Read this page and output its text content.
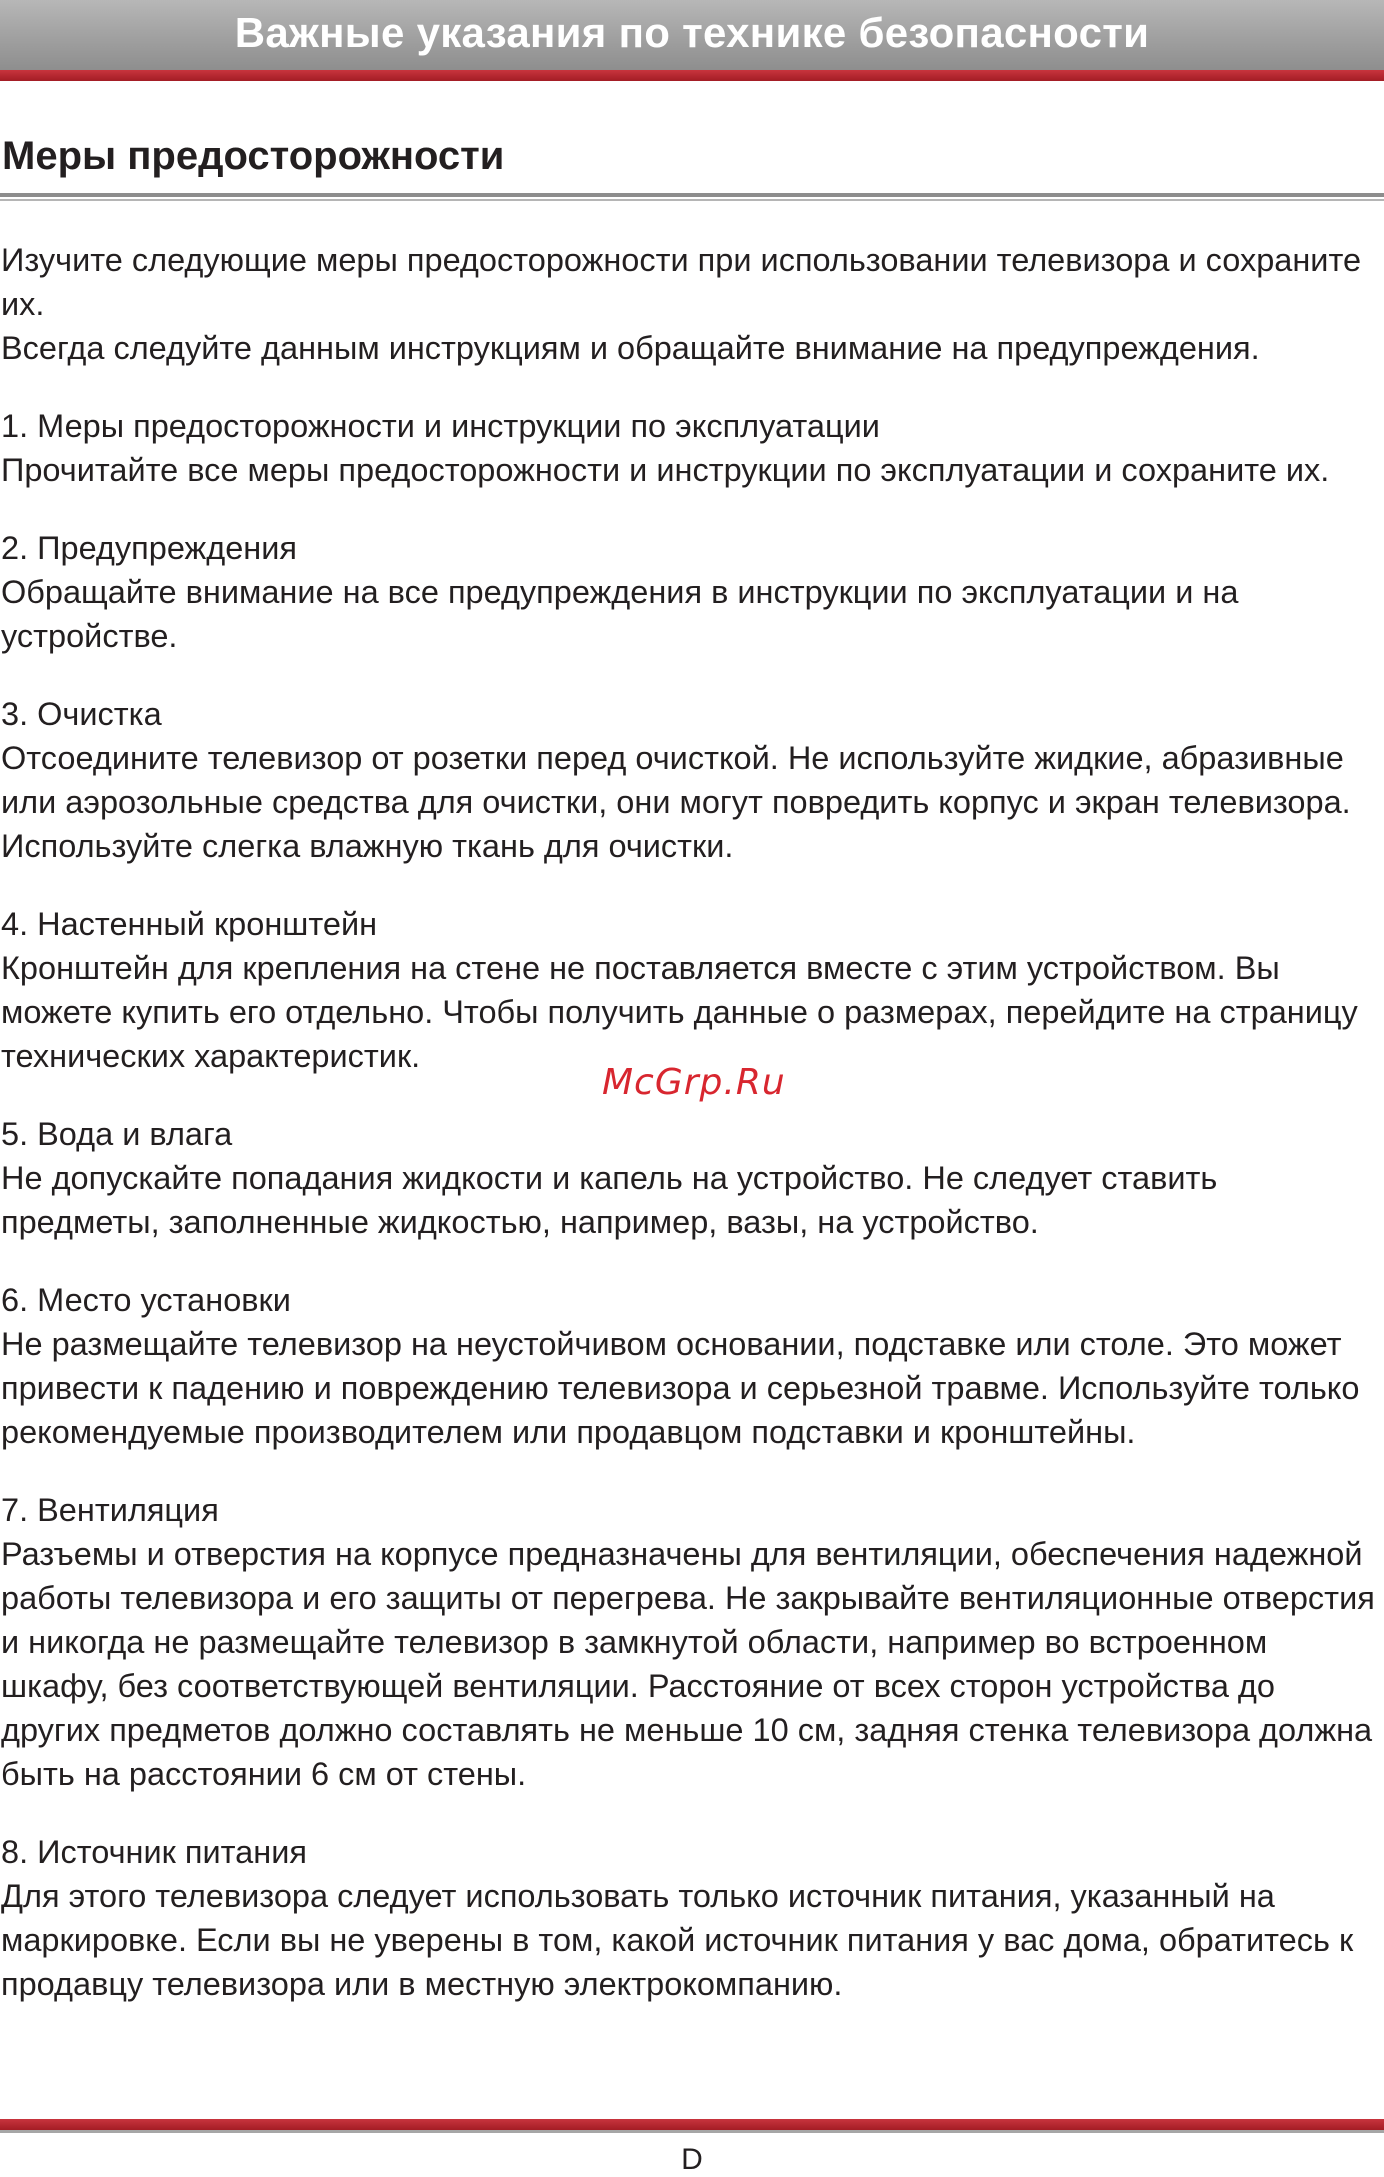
Важные указания по технике безопасности
Меры предосторожности

Изучите следующие меры предосторожности при использовании телевизора и сохраните их.

Всегда следуйте данным инструкциям и обращайте внимание на предупреждения.

1. Меры предосторожности и инструкции по эксплуатации

Прочитайте все меры предосторожности и инструкции по эксплуатации и сохраните их.

2. Предупреждения

Обращайте внимание на все предупреждения в инструкции по эксплуатации и на устройстве.

3. Очистка

Отсоедините телевизор от розетки перед очисткой. Не используйте жидкие, абразивные или аэрозольные средства для очистки, они могут повредить корпус и экран телевизора. Используйте слегка влажную ткань для очистки.

4. Настенный кронштейн

Кронштейн для крепления на стене не поставляется вместе с этим устройством. Вы можете купить его отдельно. Чтобы получить данные о размерах, перейдите на страницу технических характеристик.

5. Вода и влага

Не допускайте попадания жидкости и капель на устройство. Не следует ставить предметы, заполненные жидкостью, например, вазы, на устройство.

6. Место установки

Не размещайте телевизор на неустойчивом основании, подставке или столе. Это может привести к падению и повреждению телевизора и серьезной травме. Используйте только рекомендуемые производителем или продавцом подставки и кронштейны.

7. Вентиляция

Разъемы и отверстия на корпусе предназначены для вентиляции, обеспечения надежной работы телевизора и его защиты от перегрева. Не закрывайте вентиляционные отверстия и никогда не размещайте телевизор в замкнутой области, например во встроенном шкафу, без соответствующей вентиляции. Расстояние от всех сторон устройства до других предметов должно составлять не меньше 10 см, задняя стенка телевизора должна быть на расстоянии 6 см от стены.

8. Источник питания

Для этого телевизора следует использовать только источник питания, указанный на маркировке. Если вы не уверены в том, какой источник питания у вас дома, обратитесь к продавцу телевизора или в местную электрокомпанию.

McGrp.Ru
D
